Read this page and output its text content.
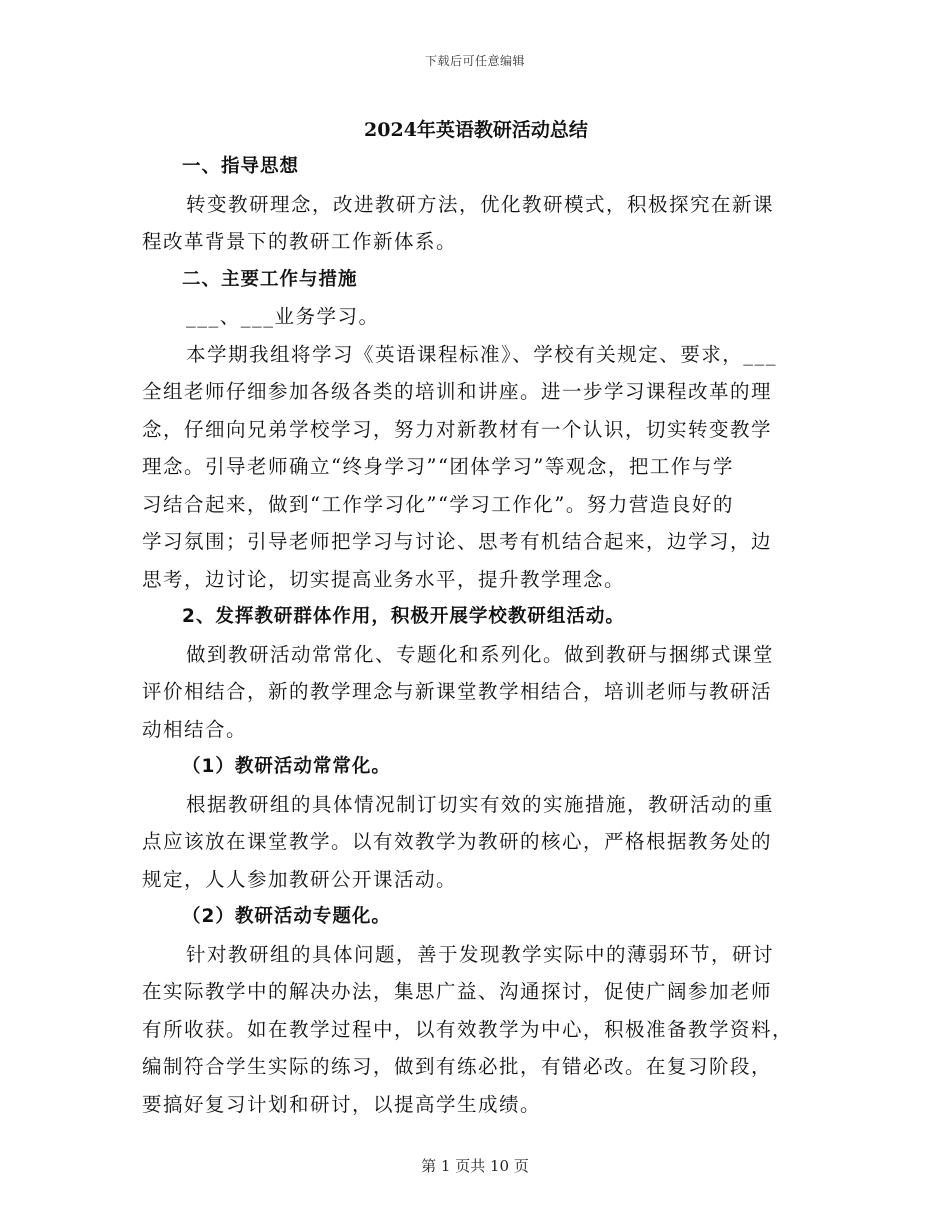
下载后可任意编辑
2024年英语教研活动总结

一、指导思想

转变教研理念，改进教研方法，优化教研模式，积极探究在新课

程改革背景下的教研工作新体系。

二、主要工作与措施

___、___业务学习。

本学期我组将学习《英语课程标准》、学校有关规定、要求，___

全组老师仔细参加各级各类的培训和讲座。进一步学习课程改革的理

念，仔细向兄弟学校学习，努力对新教材有一个认识，切实转变教学

理念。引导老师确立“终身学习”“团体学习”等观念，把工作与学

习结合起来，做到“工作学习化”“学习工作化”。努力营造良好的

学习氛围；引导老师把学习与讨论、思考有机结合起来，边学习，边

思考，边讨论，切实提高业务水平，提升教学理念。

2、发挥教研群体作用，积极开展学校教研组活动。

做到教研活动常常化、专题化和系列化。做到教研与捆绑式课堂

评价相结合，新的教学理念与新课堂教学相结合，培训老师与教研活

动相结合。

（1）教研活动常常化。

根据教研组的具体情况制订切实有效的实施措施，教研活动的重

点应该放在课堂教学。以有效教学为教研的核心，严格根据教务处的

规定，人人参加教研公开课活动。

（2）教研活动专题化。

针对教研组的具体问题，善于发现教学实际中的薄弱环节，研讨

在实际教学中的解决办法，集思广益、沟通探讨，促使广阔参加老师

有所收获。如在教学过程中，以有效教学为中心，积极准备教学资料，

编制符合学生实际的练习，做到有练必批，有错必改。在复习阶段，

要搞好复习计划和研讨，以提高学生成绩。

第 1 页共 10 页
